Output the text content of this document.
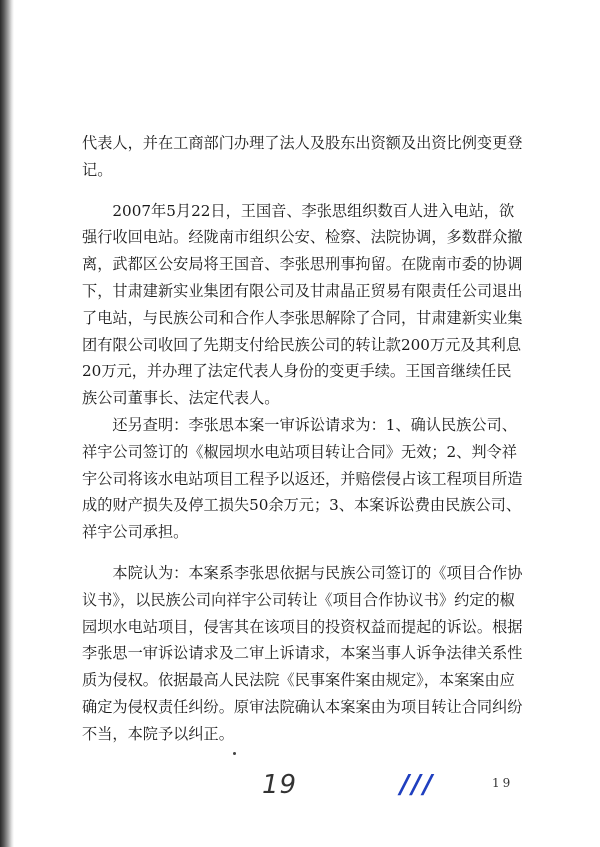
代表人，并在工商部门办理了法人及股东出资额及出资比例变更登记。

2007年5月22日，王国音、李张思组织数百人进入电站，欲强行收回电站。经陇南市组织公安、检察、法院协调，多数群众撤离，武都区公安局将王国音、李张思刑事拘留。在陇南市委的协调下，甘肃建新实业集团有限公司及甘肃晶正贸易有限责任公司退出了电站，与民族公司和合作人李张思解除了合同，甘肃建新实业集团有限公司收回了先期支付给民族公司的转让款200万元及其利息20万元，并办理了法定代表人身份的变更手续。王国音继续任民族公司董事长、法定代表人。

还另查明：李张思本案一审诉讼请求为：1、确认民族公司、祥宇公司签订的《椒园坝水电站项目转让合同》无效；2、判令祥宇公司将该水电站项目工程予以返还，并赔偿侵占该工程项目所造成的财产损失及停工损失50余万元；3、本案诉讼费由民族公司、祥宇公司承担。

本院认为：本案系李张思依据与民族公司签订的《项目合作协议书》，以民族公司向祥宇公司转让《项目合作协议书》约定的椒园坝水电站项目，侵害其在该项目的投资权益而提起的诉讼。根据李张思一审诉讼请求及二审上诉请求，本案当事人诉争法律关系性质为侵权。依据最高人民法院《民事案件案由规定》，本案案由应确定为侵权责任纠纷。原审法院确认本案案由为项目转让合同纠纷不当，本院予以纠正。

19	///	19
